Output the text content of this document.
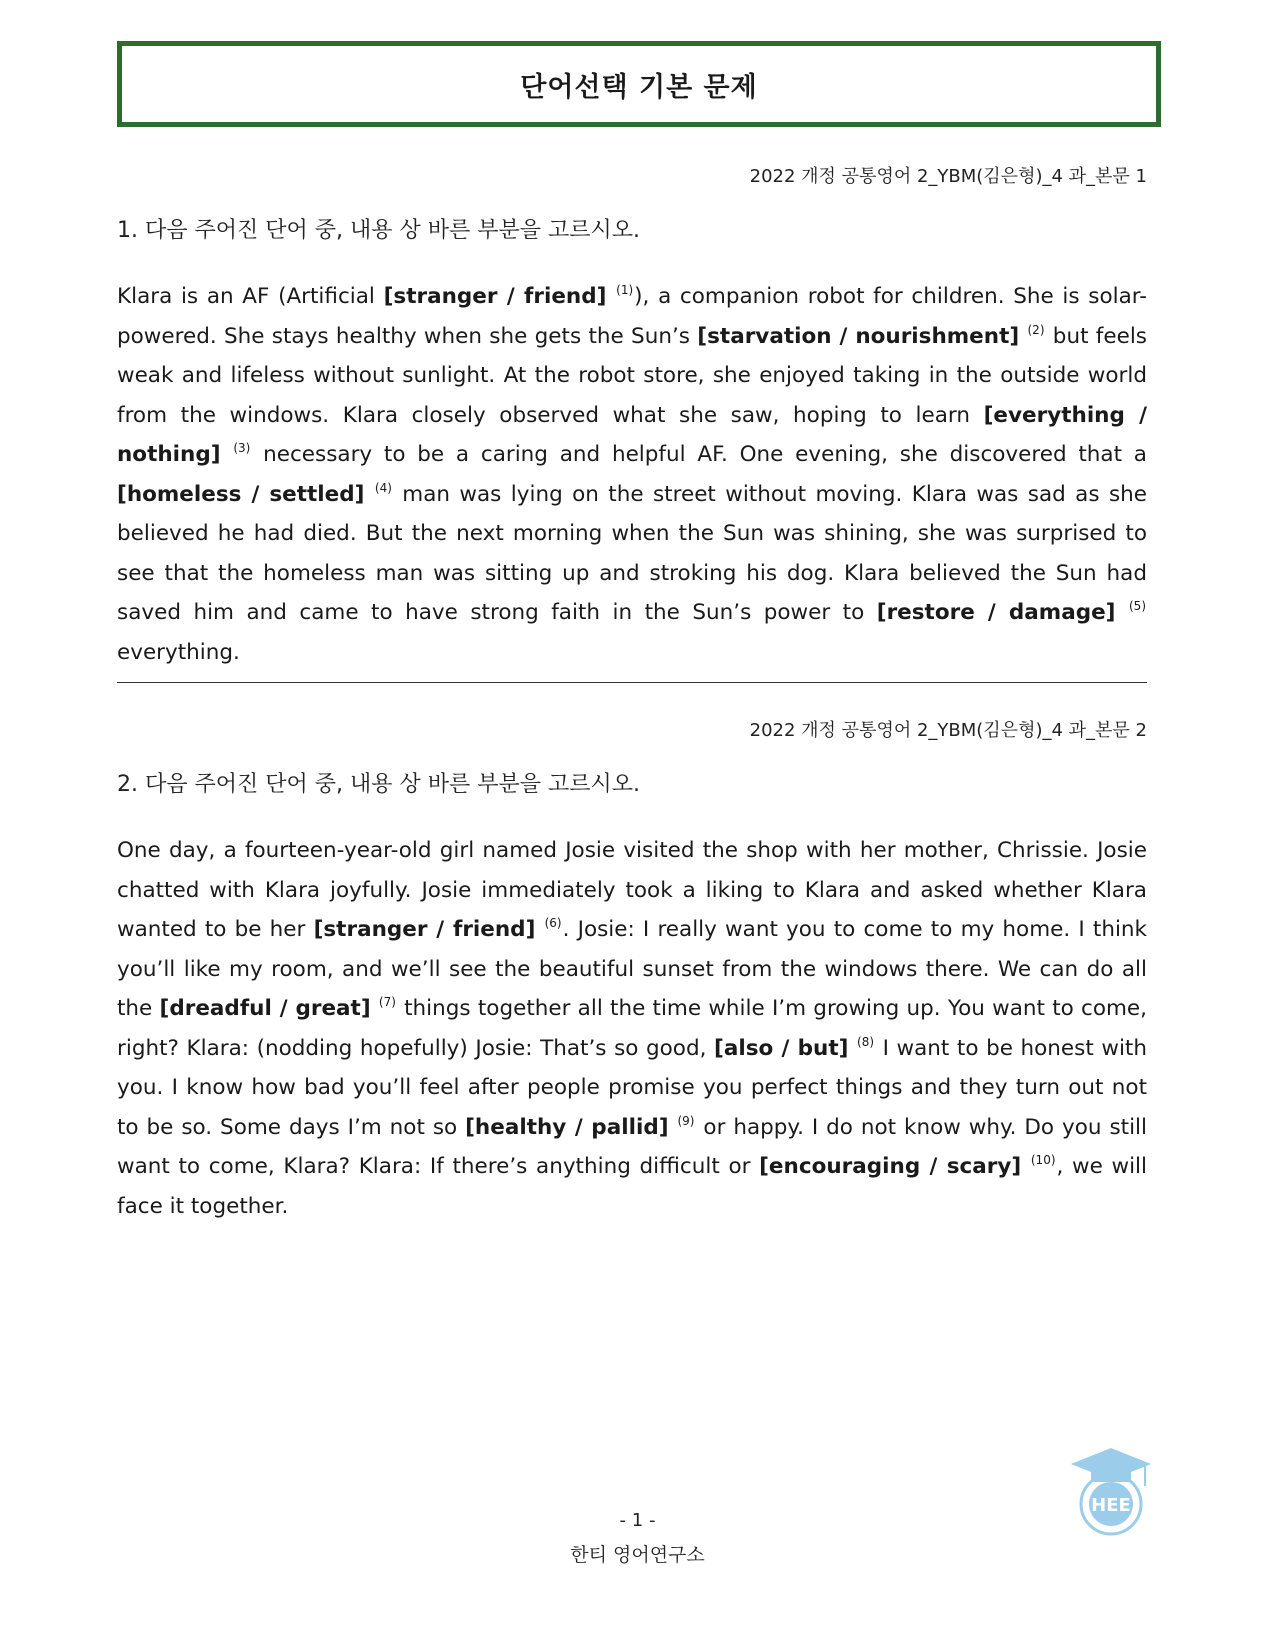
단어선택 기본 문제
2022 개정 공통영어 2_YBM(김은형)_4 과_본문 1
1. 다음 주어진 단어 중, 내용 상 바른 부분을 고르시오.
Klara is an AF (Artificial [stranger / friend] $^{(1)}$), a companion robot for children. She is solar-powered. She stays healthy when she gets the Sun’s [starvation / nourishment] $^{(2)}$ but feels weak and lifeless without sunlight. At the robot store, she enjoyed taking in the outside world from the windows. Klara closely observed what she saw, hoping to learn [everything / nothing] $^{(3)}$ necessary to be a caring and helpful AF. One evening, she discovered that a [homeless / settled] $^{(4)}$ man was lying on the street without moving. Klara was sad as she believed he had died. But the next morning when the Sun was shining, she was surprised to see that the homeless man was sitting up and stroking his dog. Klara believed the Sun had saved him and came to have strong faith in the Sun’s power to [restore / damage] $^{(5)}$ everything.
2022 개정 공통영어 2_YBM(김은형)_4 과_본문 2
2. 다음 주어진 단어 중, 내용 상 바른 부분을 고르시오.
One day, a fourteen-year-old girl named Josie visited the shop with her mother, Chrissie. Josie chatted with Klara joyfully. Josie immediately took a liking to Klara and asked whether Klara wanted to be her [stranger / friend] $^{(6)}$. Josie: I really want you to come to my home. I think you’ll like my room, and we’ll see the beautiful sunset from the windows there. We can do all the [dreadful / great] $^{(7)}$ things together all the time while I’m growing up. You want to come, right? Klara: (nodding hopefully) Josie: That’s so good, [also / but] $^{(8)}$ I want to be honest with you. I know how bad you’ll feel after people promise you perfect things and they turn out not to be so. Some days I’m not so [healthy / pallid] $^{(9)}$ or happy. I do not know why. Do you still want to come, Klara? Klara: If there’s anything difficult or [encouraging / scary] $^{(10)}$, we will face it together.
HEE
- 1 -
한티 영어연구소
